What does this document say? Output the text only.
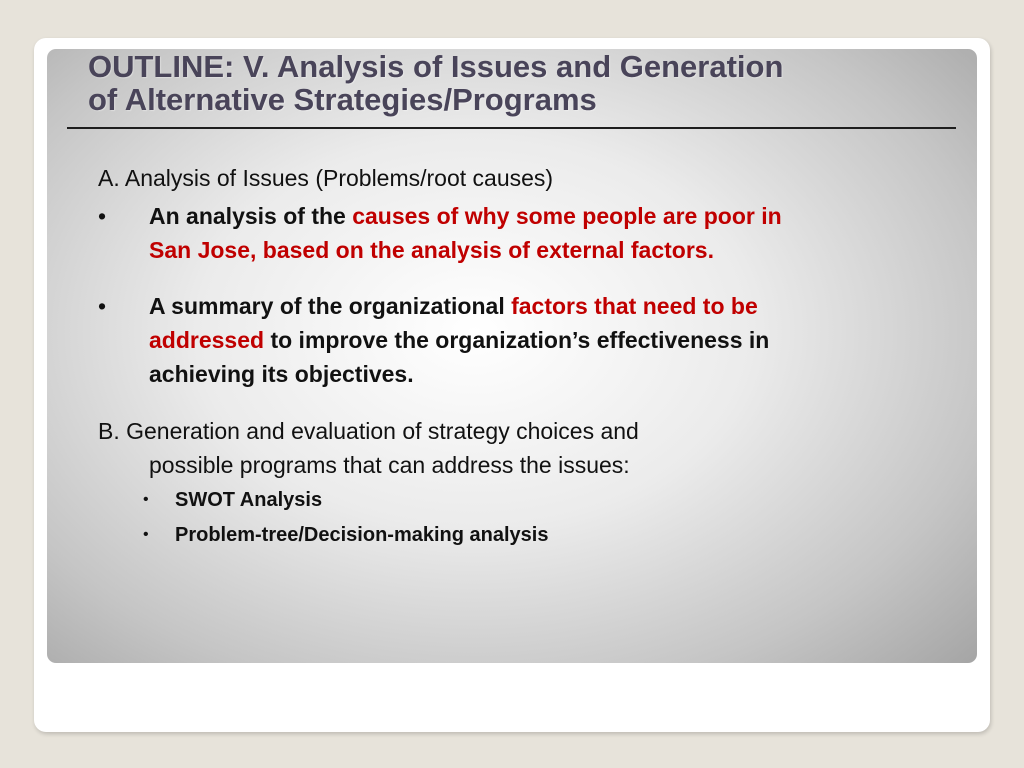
OUTLINE: V. Analysis of Issues and Generation
of Alternative Strategies/Programs
A. Analysis of Issues (Problems/root causes)
• An analysis of the causes of why some people are poor in
San Jose, based on the analysis of external factors.
• A summary of the organizational factors that need to be
addressed to improve the organization’s effectiveness in
achieving its objectives.
B. Generation and evaluation of strategy choices and
possible programs that can address the issues:
• SWOT Analysis
• Problem-tree/Decision-making analysis
